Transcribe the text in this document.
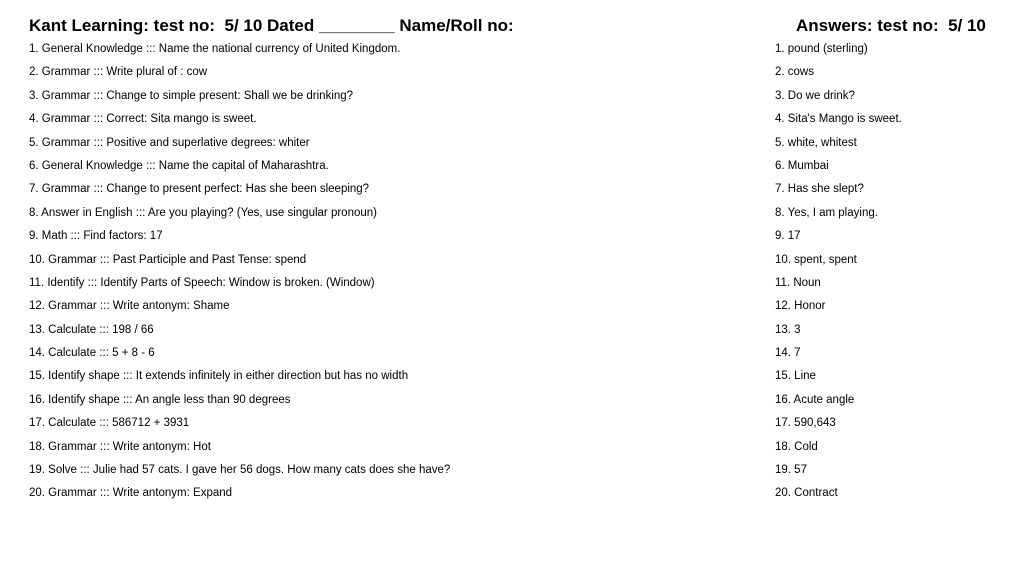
Kant Learning: test no:  5/ 10 Dated ________ Name/Roll no:	Answers: test no:  5/ 10
1. General Knowledge ::: Name the national currency of United Kingdom.
2. Grammar ::: Write plural of : cow
3. Grammar ::: Change to simple present: Shall we be drinking?
4. Grammar ::: Correct: Sita mango is sweet.
5. Grammar ::: Positive and superlative degrees: whiter
6. General Knowledge ::: Name the capital of Maharashtra.
7. Grammar ::: Change to present perfect: Has she been sleeping?
8. Answer in English ::: Are you playing? (Yes, use singular pronoun)
9. Math ::: Find factors: 17
10. Grammar ::: Past Participle and Past Tense: spend
11. Identify ::: Identify Parts of Speech: Window is broken. (Window)
12. Grammar ::: Write antonym: Shame
13. Calculate ::: 198 / 66
14. Calculate ::: 5 + 8 - 6
15. Identify shape ::: It extends infinitely in either direction but has no width
16. Identify shape ::: An angle less than 90 degrees
17. Calculate ::: 586712 + 3931
18. Grammar ::: Write antonym: Hot
19. Solve ::: Julie had 57 cats. I gave her 56 dogs. How many cats does she have?
20. Grammar ::: Write antonym: Expand
1. pound (sterling)
2. cows
3. Do we drink?
4. Sita's Mango is sweet.
5. white, whitest
6. Mumbai
7. Has she slept?
8. Yes, I am playing.
9. 17
10. spent, spent
11. Noun
12. Honor
13. 3
14. 7
15. Line
16. Acute angle
17. 590,643
18. Cold
19. 57
20. Contract
